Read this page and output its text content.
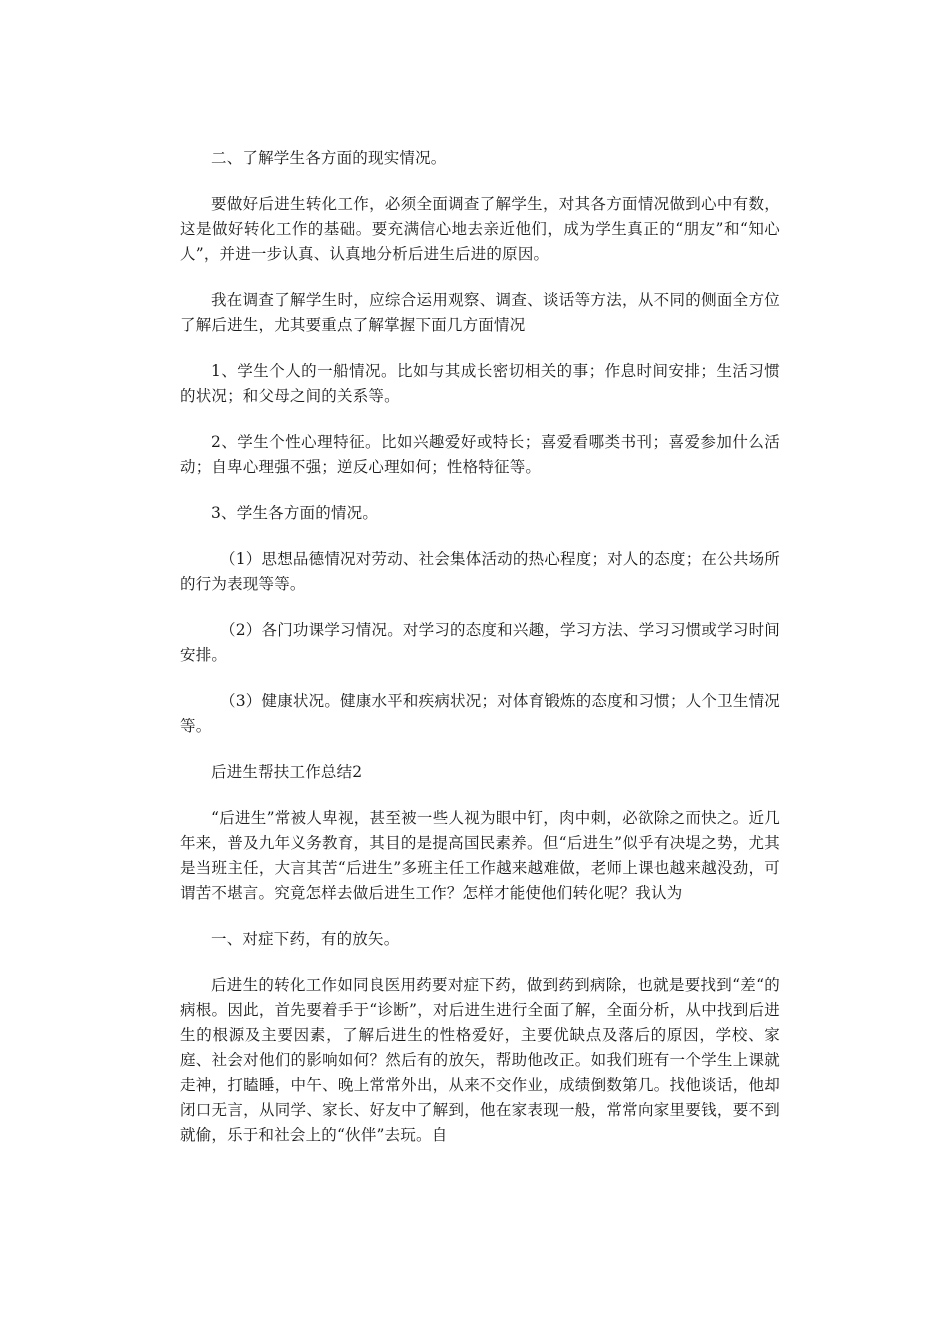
二、了解学生各方面的现实情况。

要做好后进生转化工作，必须全面调查了解学生，对其各方面情况做到心中有数，这是做好转化工作的基础。要充满信心地去亲近他们，成为学生真正的“朋友”和“知心人”，并进一步认真、认真地分析后进生后进的原因。

我在调查了解学生时，应综合运用观察、调查、谈话等方法，从不同的侧面全方位了解后进生，尤其要重点了解掌握下面几方面情况

1、学生个人的一船情况。比如与其成长密切相关的事；作息时间安排；生活习惯的状况；和父母之间的关系等。

2、学生个性心理特征。比如兴趣爱好或特长；喜爱看哪类书刊；喜爱参加什么活动；自卑心理强不强；逆反心理如何；性格特征等。

3、学生各方面的情况。

（1）思想品德情况对劳动、社会集体活动的热心程度；对人的态度；在公共场所的行为表现等等。

（2）各门功课学习情况。对学习的态度和兴趣，学习方法、学习习惯或学习时间安排。

（3）健康状况。健康水平和疾病状况；对体育锻炼的态度和习惯；人个卫生情况等。

后进生帮扶工作总结2

“后进生”常被人卑视，甚至被一些人视为眼中钉，肉中刺，必欲除之而快之。近几年来，普及九年义务教育，其目的是提高国民素养。但“后进生”似乎有决堤之势，尤其是当班主任，大言其苦“后进生”多班主任工作越来越难做，老师上课也越来越没劲，可谓苦不堪言。究竟怎样去做后进生工作？怎样才能使他们转化呢？我认为

一、对症下药，有的放矢。

后进生的转化工作如同良医用药要对症下药，做到药到病除，也就是要找到“差“的病根。因此，首先要着手于“诊断”，对后进生进行全面了解，全面分析，从中找到后进生的根源及主要因素，了解后进生的性格爱好，主要优缺点及落后的原因，学校、家庭、社会对他们的影响如何？然后有的放矢，帮助他改正。如我们班有一个学生上课就走神，打瞌睡，中午、晚上常常外出，从来不交作业，成绩倒数第几。找他谈话，他却闭口无言，从同学、家长、好友中了解到，他在家表现一般，常常向家里要钱，要不到就偷，乐于和社会上的“伙伴”去玩。自
